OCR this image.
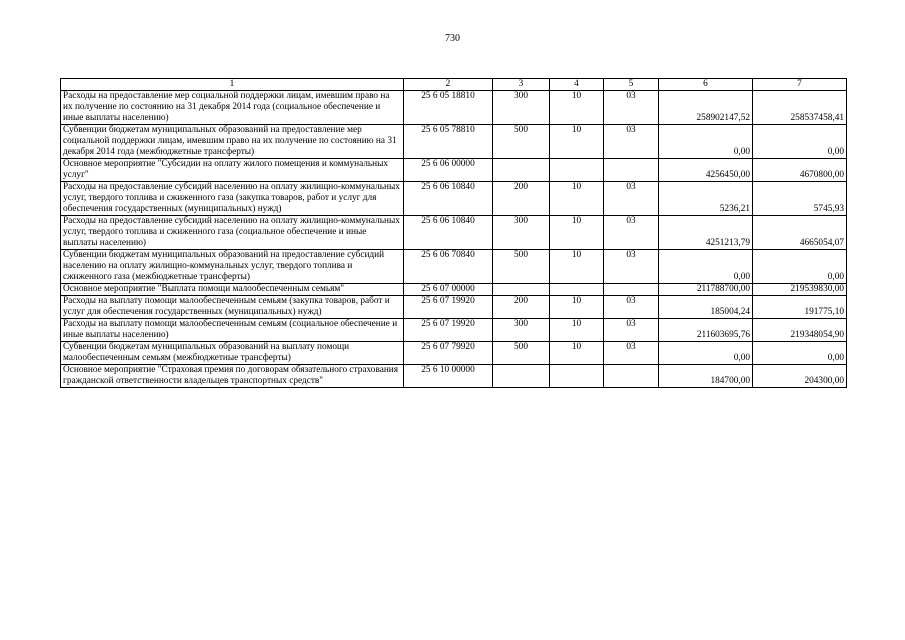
730
1	2	3	4	5	6	7
Расходы на предоставление мер социальной поддержки лицам, имевшим право на их получение по состоянию на 31 декабря 2014 года (социальное обеспечение и иные выплаты населению)	25 6 05 18810	300	10	03	258902147,52	258537458,41
Субвенции бюджетам муниципальных образований на предоставление мер социальной поддержки лицам, имевшим право на их получение по состоянию на 31 декабря 2014 года (межбюджетные трансферты)	25 6 05 78810	500	10	03	0,00	0,00
Основное мероприятие "Субсидии на оплату жилого помещения и коммунальных услуг"	25 6 06 00000				4256450,00	4670800,00
Расходы на предоставление субсидий населению на оплату жилищно-коммунальных услуг, твердого топлива и сжиженного газа (закупка товаров, работ и услуг для обеспечения государственных (муниципальных) нужд)	25 6 06 10840	200	10	03	5236,21	5745,93
Расходы на предоставление субсидий населению на оплату жилищно-коммунальных услуг, твердого топлива и сжиженного газа (социальное обеспечение и иные выплаты населению)	25 6 06 10840	300	10	03	4251213,79	4665054,07
Субвенции бюджетам муниципальных образований на предоставление субсидий населению на оплату жилищно-коммунальных услуг, твердого топлива и сжиженного газа (межбюджетные трансферты)	25 6 06 70840	500	10	03	0,00	0,00
Основное мероприятие "Выплата помощи малообеспеченным семьям"	25 6 07 00000				211788700,00	219539830,00
Расходы на выплату помощи малообеспеченным семьям (закупка товаров, работ и услуг для обеспечения государственных (муниципальных) нужд)	25 6 07 19920	200	10	03	185004,24	191775,10
Расходы на выплату помощи малообеспеченным семьям (социальное обеспечение и иные выплаты населению)	25 6 07 19920	300	10	03	211603695,76	219348054,90
Субвенции бюджетам муниципальных образований на выплату помощи малообеспеченным семьям (межбюджетные трансферты)	25 6 07 79920	500	10	03	0,00	0,00
Основное мероприятие "Страховая премия по договорам обязательного страхования гражданской ответственности владельцев транспортных средств"	25 6 10 00000				184700,00	204300,00
